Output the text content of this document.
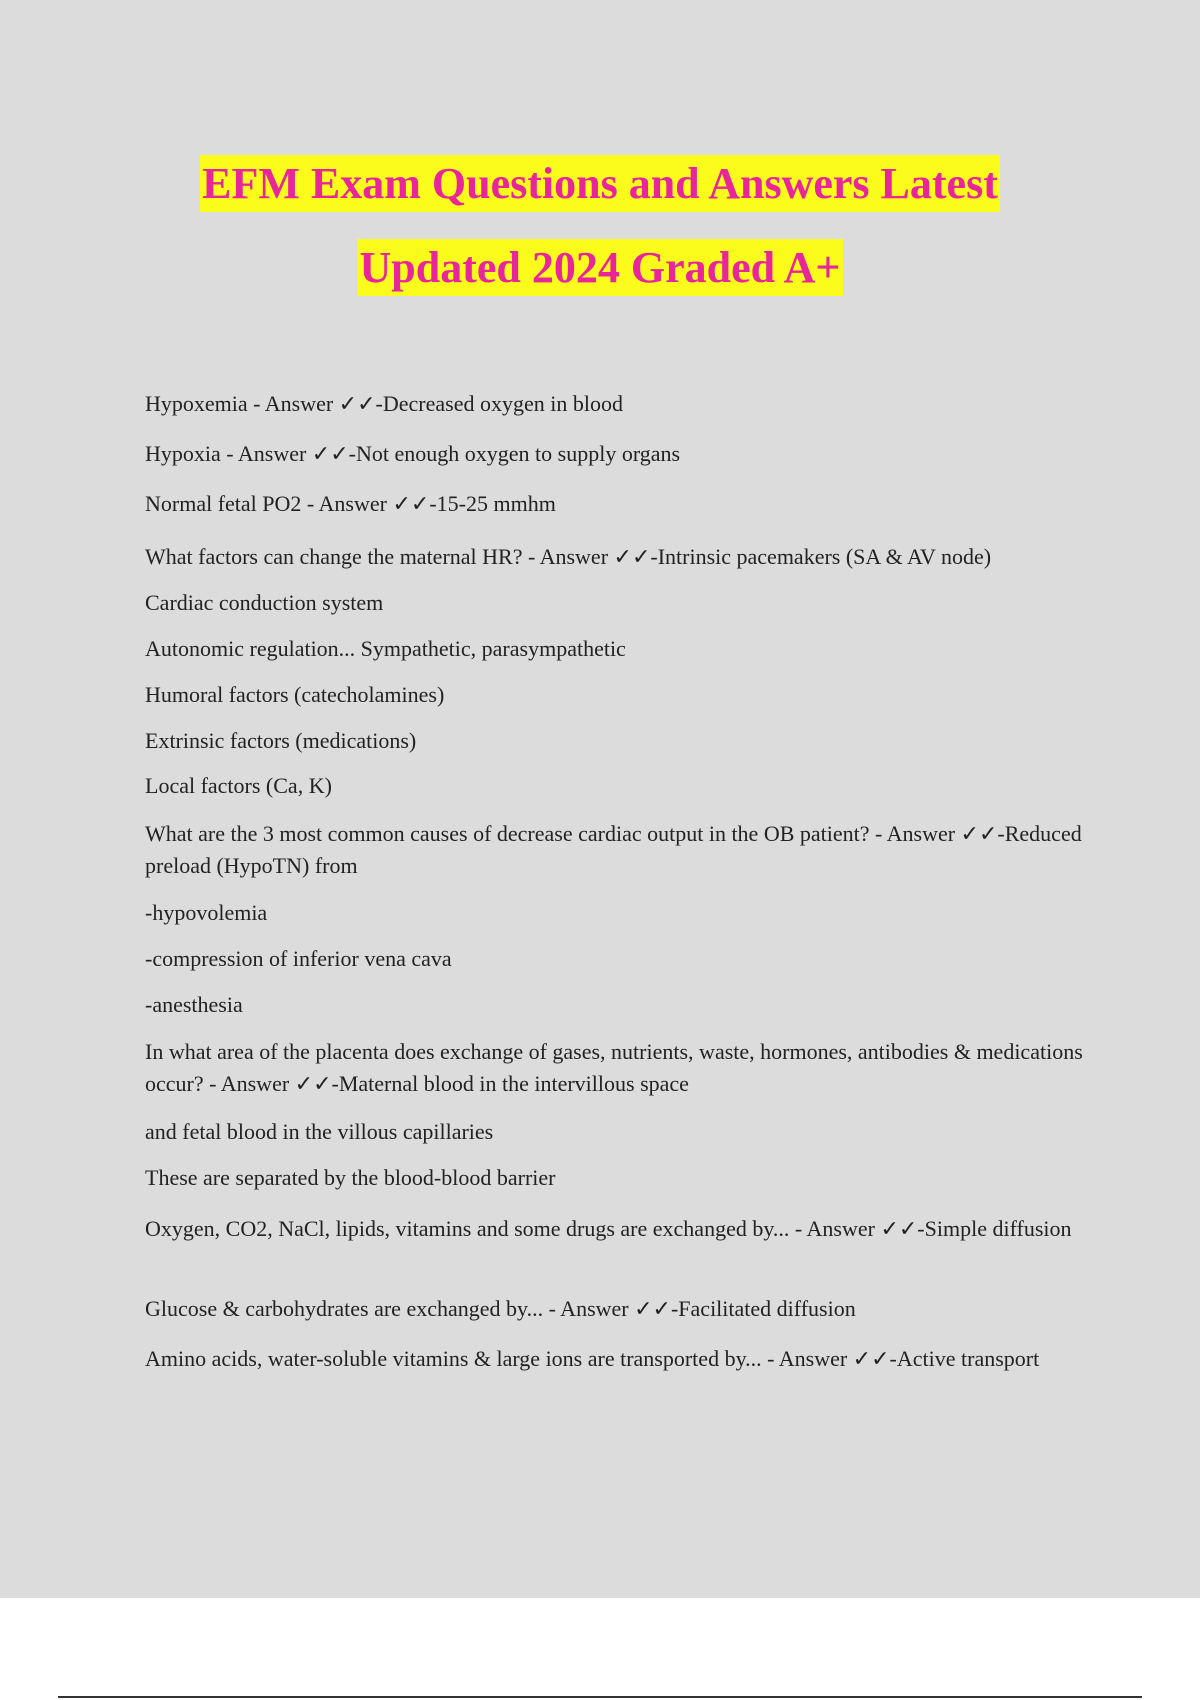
EFM Exam Questions and Answers Latest
Updated 2024 Graded A+

Hypoxemia - Answer ✓✓-Decreased oxygen in blood

Hypoxia - Answer ✓✓-Not enough oxygen to supply organs

Normal fetal PO2 - Answer ✓✓-15-25 mmhm

What factors can change the maternal HR? - Answer ✓✓-Intrinsic pacemakers (SA & AV node)

Cardiac conduction system

Autonomic regulation... Sympathetic, parasympathetic

Humoral factors (catecholamines)

Extrinsic factors (medications)

Local factors (Ca, K)

What are the 3 most common causes of decrease cardiac output in the OB patient? - Answer ✓✓-Reduced preload (HypoTN) from

-hypovolemia

-compression of inferior vena cava

-anesthesia

In what area of the placenta does exchange of gases, nutrients, waste, hormones, antibodies & medications occur? - Answer ✓✓-Maternal blood in the intervillous space

and fetal blood in the villous capillaries

These are separated by the blood-blood barrier

Oxygen, CO2, NaCl, lipids, vitamins and some drugs are exchanged by... - Answer ✓✓-Simple diffusion

Glucose & carbohydrates are exchanged by... - Answer ✓✓-Facilitated diffusion

Amino acids, water-soluble vitamins & large ions are transported by... - Answer ✓✓-Active transport
